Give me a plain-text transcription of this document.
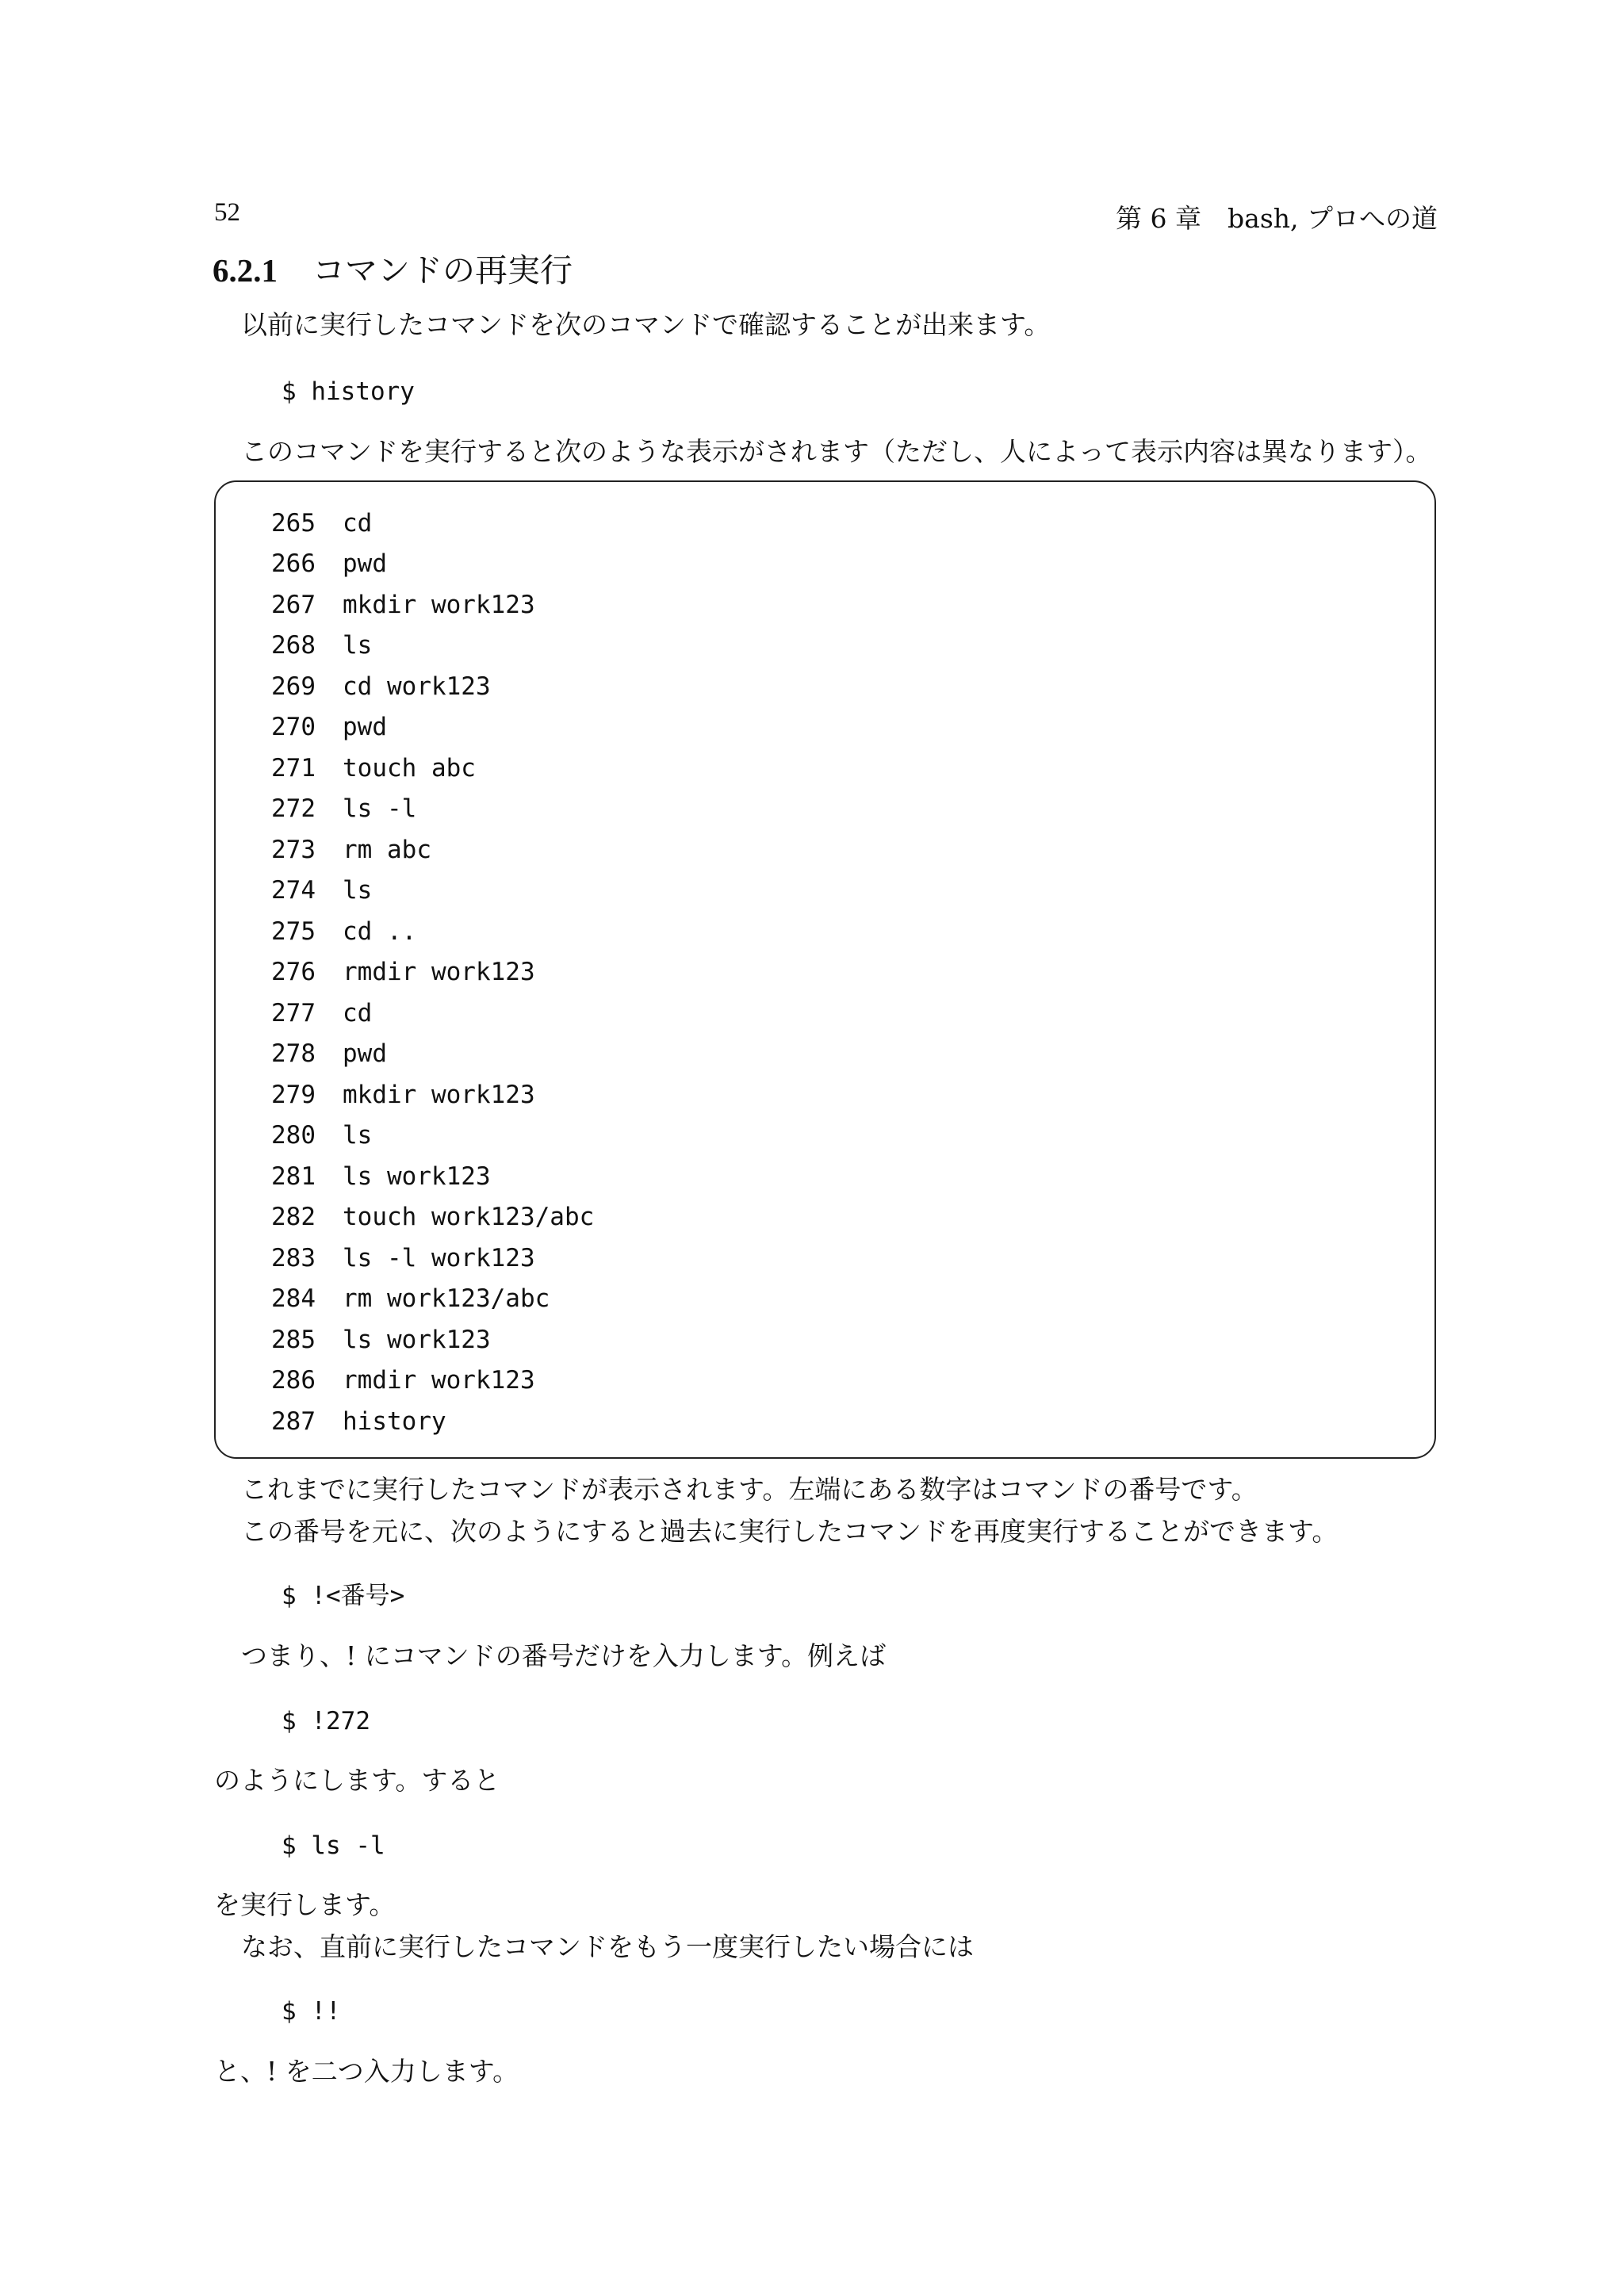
52	第 6 章　bash, プロへの道
6.2.1 コマンドの再実行
以前に実行したコマンドを次のコマンドで確認することが出来ます。
$ history
このコマンドを実行すると次のような表示がされます（ただし、人によって表示内容は異なります）。
265	cd
266	pwd
267	mkdir work123
268	ls
269	cd work123
270	pwd
271	touch abc
272	ls -l
273	rm abc
274	ls
275	cd ..
276	rmdir work123
277	cd
278	pwd
279	mkdir work123
280	ls
281	ls work123
282	touch work123/abc
283	ls -l work123
284	rm work123/abc
285	ls work123
286	rmdir work123
287	history
これまでに実行したコマンドが表示されます。左端にある数字はコマンドの番号です。
この番号を元に、次のようにすると過去に実行したコマンドを再度実行することができます。
$ !<番号>
つまり、! にコマンドの番号だけを入力します。例えば
$ !272
のようにします。すると
$ ls -l
を実行します。
なお、直前に実行したコマンドをもう一度実行したい場合には
$ !!
と、! を二つ入力します。
